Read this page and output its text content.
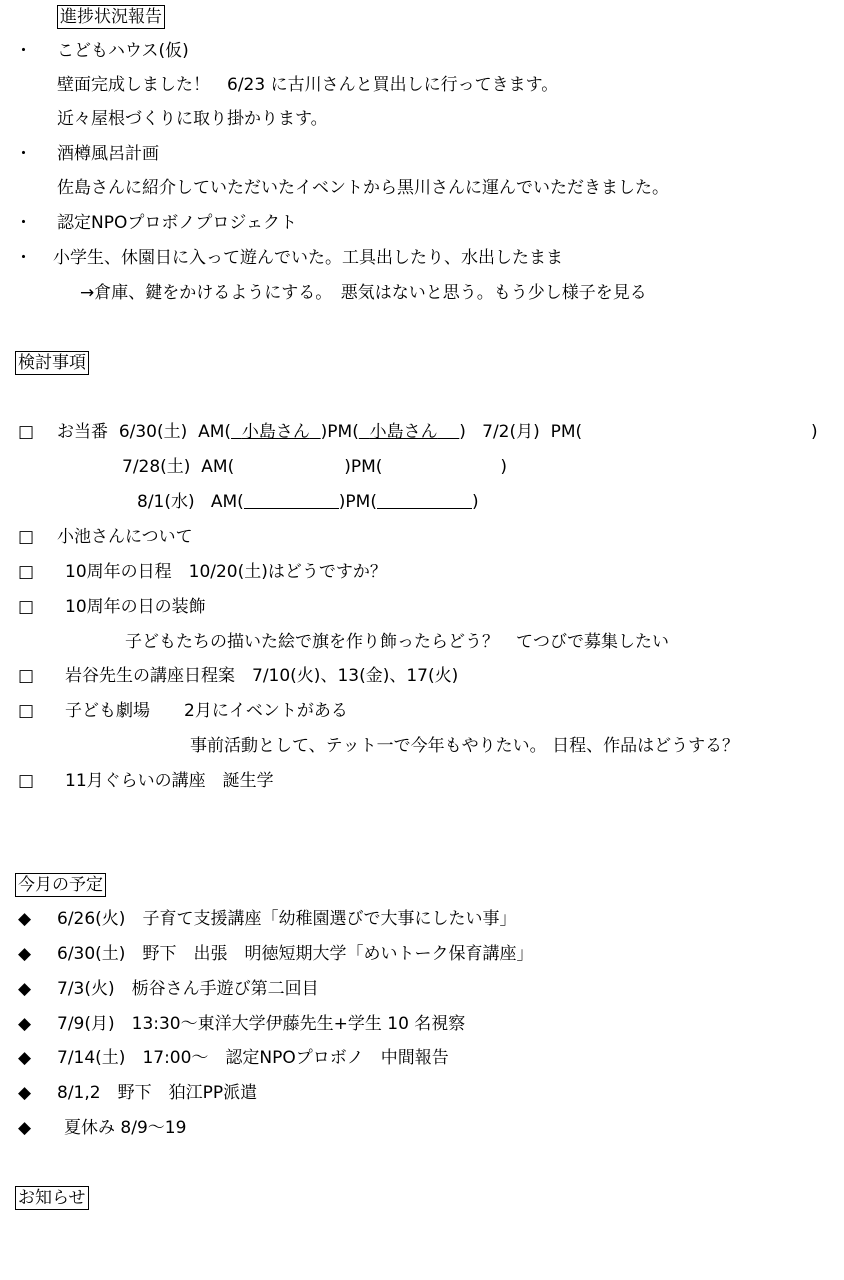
進捗状況報告
・ こどもハウス(仮)
壁面完成しました！　6/23 に古川さんと買出しに行ってきます。
近々屋根づくりに取り掛かります。
・ 酒樽風呂計画
佐島さんに紹介していただいたイベントから黒川さんに運んでいただきました。
・ 認定NPOプロボノプロジェクト
・ 小学生、休園日に入って遊んでいた。工具出したり、水出したまま
→倉庫、鍵をかけるようにする。　悪気はないと思う。もう少し様子を見る
検討事項
□ お当番 6/30(土) AM( 小島さん )PM( 小島さん ) 7/2(月) PM(	)
7/28(土) AM(	)PM(	)
8/1(水) AM(	)PM(	)
□ 小池さんについて
□ 10周年の日程　10/20(土)はどうですか？
□ 10周年の日の装飾
子どもたちの描いた絵で旗を作り飾ったらどう？　てつびで募集したい
□ 岩谷先生の講座日程案　7/10(火)、13(金)、17(火)
□ 子ども劇場　　2月にイベントがある
事前活動として、テット一で今年もやりたい。 日程、作品はどうする？
□ 11月ぐらいの講座　誕生学
今月の予定
◆ 6/26(火)　子育て支援講座「幼稚園選びで大事にしたい事」
◆ 6/30(土)　野下　出張　明徳短期大学「めいトーク保育講座」
◆ 7/3(火)　栃谷さん手遊び第二回目
◆ 7/9(月)　13:30～東洋大学伊藤先生+学生 10 名視察
◆ 7/14(土)　17:00～　認定NPOプロボノ　中間報告
◆ 8/1,2　野下　狛江PP派遣
◆ 夏休み 8/9～19
お知らせ
